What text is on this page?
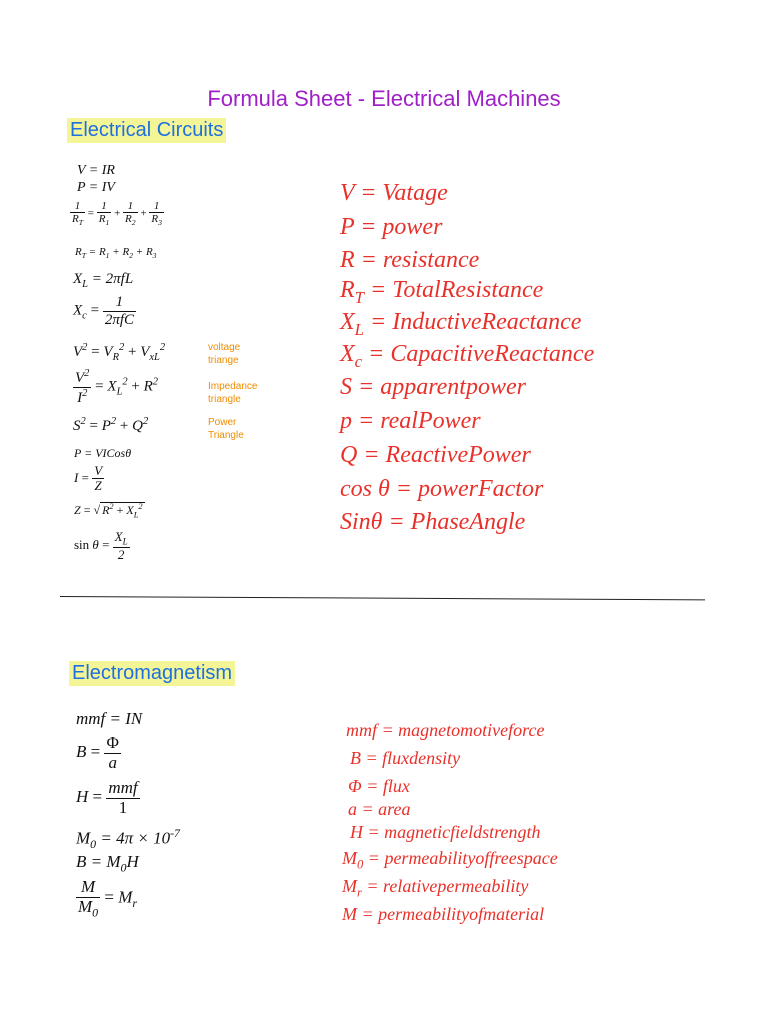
Formula Sheet - Electrical Machines
Electrical Circuits
V = IR
P = IV
$\frac{1}{R_T} = \frac{1}{R_1} + \frac{1}{R_2} + \frac{1}{R_3}$
$R_T = R_1 + R_2 + R_3$
$X_L = 2\pi fL$
$X_c = \frac{1}{\text{2πfC}}$
$V^2 = V_R^2 + V_{xL}^2$
$\frac{V^2}{I^2} = X_L^2 + R^2$
$S^2 = P^2 + Q^2$
voltage
triange
Impedance
triangle
Power
Triangle
P = VICosθ
$I = \frac{V}{Z}$
Z = √ $R^2 + X_L^2$
$\sin \theta = \frac{X_L}{2}$
V = Vatage
P = power
R = resistance
$R_T$ = TotalResistance
$X_L$ = InductiveReactance
$X_c$ = CapacitiveReactance
S = apparentpower
p = realPower
Q = ReactivePower
cos θ = powerFactor
Sinθ = PhaseAngle
Electromagnetism
mmf = IN
$B = \frac{\Phi}{a}$
$H = \frac{\text{mmf}}{1}$
$M_0 = 4\pi \times 10^{-7}$
$B = M_0H$
$\frac{M}{M_0} = M_r$
mmf = magnetomotiveforce
B = fluxdensity
Φ = flux
a = area
H = magneticfieldstrength
$M_0$ = permeabilityoffreespace
$M_r$ = relativepermeability
M = permeabilityofmaterial
